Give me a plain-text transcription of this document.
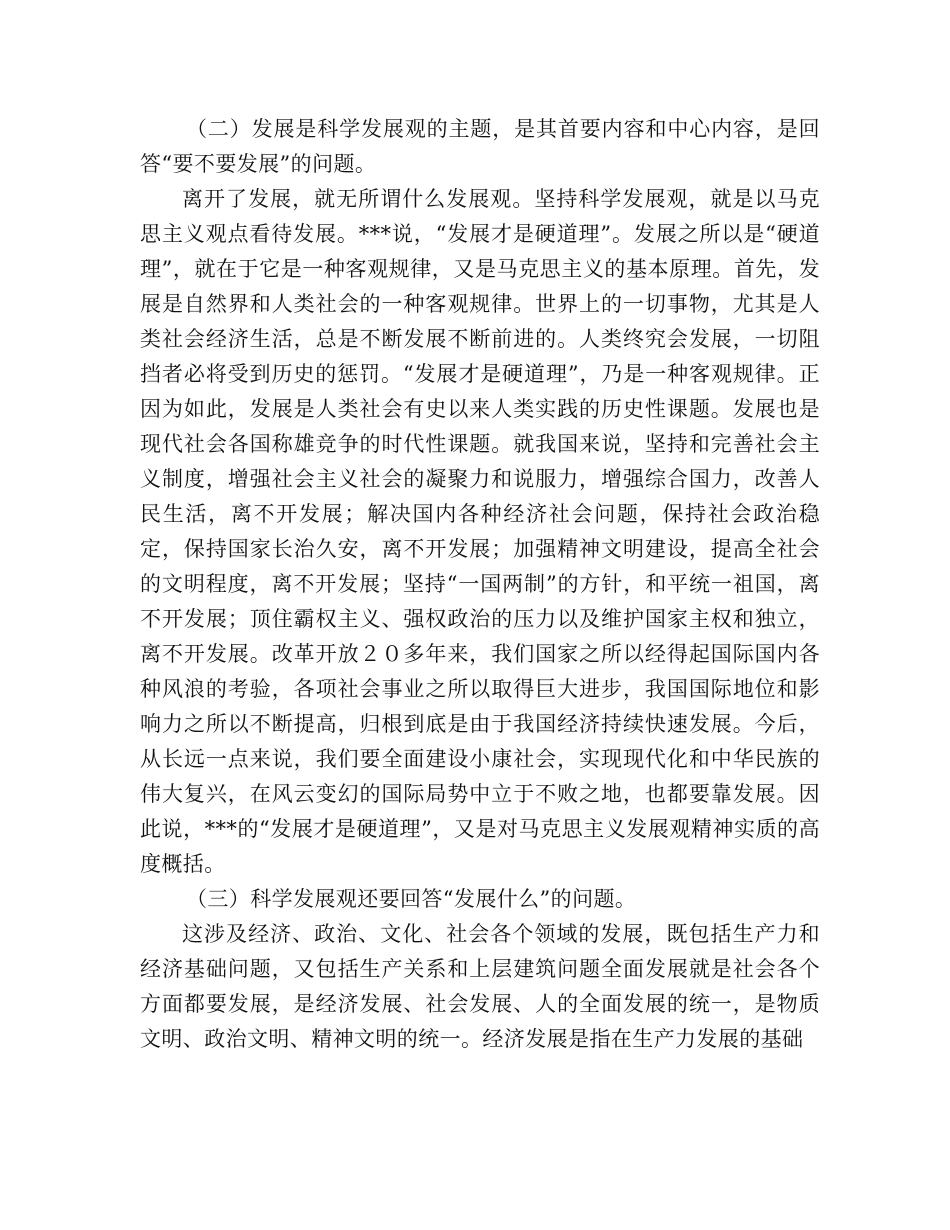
（二）发展是科学发展观的主题，是其首要内容和中心内容，是回答“要不要发展”的问题。

离开了发展，就无所谓什么发展观。坚持科学发展观，就是以马克思主义观点看待发展。***说，“发展才是硬道理”。发展之所以是“硬道理”，就在于它是一种客观规律，又是马克思主义的基本原理。首先，发展是自然界和人类社会的一种客观规律。世界上的一切事物，尤其是人类社会经济生活，总是不断发展不断前进的。人类终究会发展，一切阻挡者必将受到历史的惩罚。“发展才是硬道理”，乃是一种客观规律。正因为如此，发展是人类社会有史以来人类实践的历史性课题。发展也是现代社会各国称雄竞争的时代性课题。就我国来说，坚持和完善社会主义制度，增强社会主义社会的凝聚力和说服力，增强综合国力，改善人民生活，离不开发展；解决国内各种经济社会问题，保持社会政治稳定，保持国家长治久安，离不开发展；加强精神文明建设，提高全社会的文明程度，离不开发展；坚持“一国两制”的方针，和平统一祖国，离不开发展；顶住霸权主义、强权政治的压力以及维护国家主权和独立，离不开发展。改革开放２０多年来，我们国家之所以经得起国际国内各种风浪的考验，各项社会事业之所以取得巨大进步，我国国际地位和影响力之所以不断提高，归根到底是由于我国经济持续快速发展。今后，从长远一点来说，我们要全面建设小康社会，实现现代化和中华民族的伟大复兴，在风云变幻的国际局势中立于不败之地，也都要靠发展。因此说，***的“发展才是硬道理”，又是对马克思主义发展观精神实质的高度概括。

（三）科学发展观还要回答“发展什么”的问题。

这涉及经济、政治、文化、社会各个领域的发展，既包括生产力和经济基础问题，又包括生产关系和上层建筑问题全面发展就是社会各个方面都要发展，是经济发展、社会发展、人的全面发展的统一，是物质文明、政治文明、精神文明的统一。经济发展是指在生产力发展的基础
